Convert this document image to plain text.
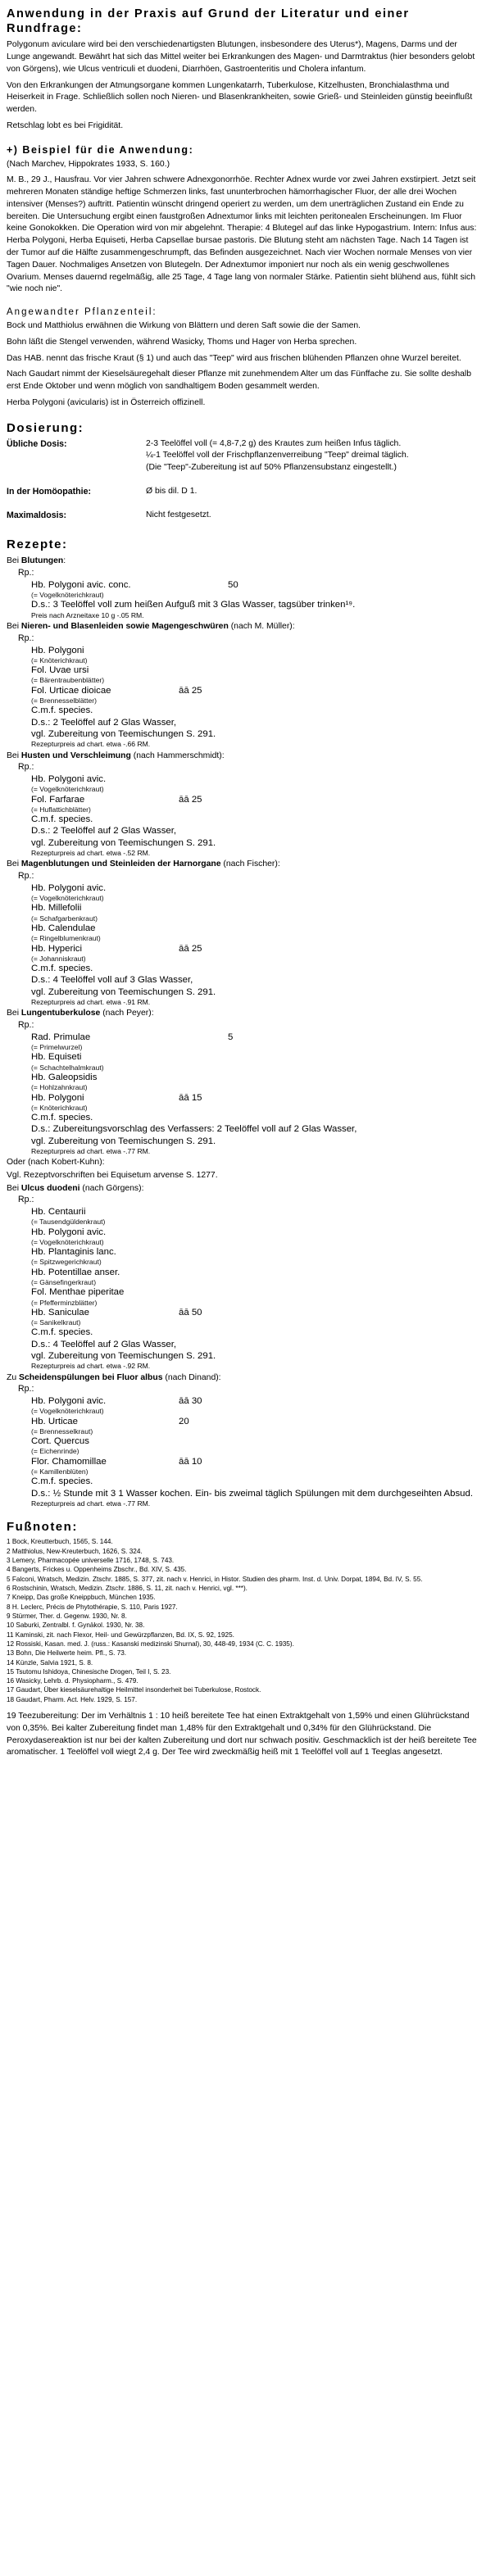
Anwendung in der Praxis auf Grund der Literatur und einer Rundfrage:

Polygonum aviculare wird bei den verschiedenartigsten Blutungen, insbesondere des Uterus*), Magens, Darms und der Lunge angewandt. Bewährt hat sich das Mittel weiter bei Erkrankungen des Magen- und Darmtraktus (hier besonders gelobt von Görgens), wie Ulcus ventriculi et duodeni, Diarrhöen, Gastroenteritis und Cholera infantum.

Von den Erkrankungen der Atmungsorgane kommen Lungenkatarrh, Tuberkulose, Kitzelhusten, Bronchialasthma und Heiserkeit in Frage. Schließlich sollen noch Nieren- und Blasenkrankheiten, sowie Grieß- und Steinleiden günstig beeinflußt werden.

Retschlag lobt es bei Frigidität.

+) Beispiel für die Anwendung:

(Nach Marchev, Hippokrates 1933, S. 160.)

M. B., 29 J., Hausfrau. Vor vier Jahren schwere Adnexgonorrhöe. Rechter Adnex wurde vor zwei Jahren exstirpiert. Jetzt seit mehreren Monaten ständige heftige Schmerzen links, fast ununterbrochen hämorrhagischer Fluor, der alle drei Wochen intensiver (Menses?) auftritt. Patientin wünscht dringend operiert zu werden, um dem unerträglichen Zustand ein Ende zu bereiten. Die Untersuchung ergibt einen faustgroßen Adnextumor links mit leichten peritonealen Erscheinungen. Im Fluor keine Gonokokken. Die Operation wird von mir abgelehnt. Therapie: 4 Blutegel auf das linke Hypogastrium. Intern: Infus aus: Herba Polygoni, Herba Equiseti, Herba Capsellae bursae pastoris. Die Blutung steht am nächsten Tage. Nach 14 Tagen ist der Tumor auf die Hälfte zusammengeschrumpft, das Befinden ausgezeichnet. Nach vier Wochen normale Menses von vier Tagen Dauer. Nochmaliges Ansetzen von Blutegeln. Der Adnextumor imponiert nur noch als ein wenig geschwollenes Ovarium. Menses dauernd regelmäßig, alle 25 Tage, 4 Tage lang von normaler Stärke. Patientin sieht blühend aus, fühlt sich "wie noch nie".

Angewandter Pflanzenteil:

Bock und Matthiolus erwähnen die Wirkung von Blättern und deren Saft sowie die der Samen.

Bohn läßt die Stengel verwenden, während Wasicky, Thoms und Hager von Herba sprechen.

Das HAB. nennt das frische Kraut (§ 1) und auch das "Teep" wird aus frischen blühenden Pflanzen ohne Wurzel bereitet.

Nach Gaudart nimmt der Kieselsäuregehalt dieser Pflanze mit zunehmendem Alter um das Fünffache zu. Sie sollte deshalb erst Ende Oktober und wenn möglich von sandhaltigem Boden gesammelt werden.

Herba Polygoni (avicularis) ist in Österreich offizinell.

Dosierung:
Übliche Dosis:	2-3 Teelöffel voll (= 4,8-7,2 g) des Krautes zum heißen Infus täglich.
¼-1 Teelöffel voll der Frischpflanzenverreibung "Teep" dreimal täglich.
(Die "Teep"-Zubereitung ist auf 50% Pflanzensubstanz eingestellt.)
In der Homöopathie:	Ø bis dil. D 1.
Maximaldosis:	Nicht festgesetzt.
Rezepte:
Bei Blutungen:
Rp.:
Hb. Polygoni avic. conc.	50
(= Vogelknöterichkraut)
D.s.: 3 Teelöffel voll zum heißen Aufguß mit 3 Glas Wasser, tagsüber trinken¹⁹.
Preis nach Arzneitaxe 10 g -.05 RM.
Bei Nieren- und Blasenleiden sowie Magengeschwüren (nach M. Müller):
Rp.:
Hb. Polygoni
(= Knöterichkraut)
Fol. Uvae ursi
(= Bärentraubenblätter)
Fol. Urticae dioicae	āā 25
(= Brennesselblätter)
C.m.f. species.
D.s.: 2 Teelöffel auf 2 Glas Wasser,
vgl. Zubereitung von Teemischungen S. 291.
Rezepturpreis ad chart. etwa -.66 RM.
Bei Husten und Verschleimung (nach Hammerschmidt):
Rp.:
Hb. Polygoni avic.
(= Vogelknöterichkraut)
Fol. Farfarae	āā 25
(= Huflattichblätter)
C.m.f. species.
D.s.: 2 Teelöffel auf 2 Glas Wasser,
vgl. Zubereitung von Teemischungen S. 291.
Rezepturpreis ad chart. etwa -.52 RM.
Bei Magenblutungen und Steinleiden der Harnorgane (nach Fischer):
Rp.:
Hb. Polygoni avic.
(= Vogelknöterichkraut)
Hb. Millefolii
(= Schafgarbenkraut)
Hb. Calendulae
(= Ringelblumenkraut)
Hb. Hyperici	āā 25
(= Johanniskraut)
C.m.f. species.
D.s.: 4 Teelöffel voll auf 3 Glas Wasser,
vgl. Zubereitung von Teemischungen S. 291.
Rezepturpreis ad chart. etwa -.91 RM.
Bei Lungentuberkulose (nach Peyer):
Rp.:
Rad. Primulae	5
(= Primelwurzel)
Hb. Equiseti
(= Schachtelhalmkraut)
Hb. Galeopsidis
(= Hohlzahnkraut)
Hb. Polygoni	āā 15
(= Knöterichkraut)
C.m.f. species.
D.s.: Zubereitungsvorschlag des Verfassers: 2 Teelöffel voll auf 2 Glas Wasser,
vgl. Zubereitung von Teemischungen S. 291.
Rezepturpreis ad chart. etwa -.77 RM.
Oder (nach Kobert-Kuhn):
Vgl. Rezeptvorschriften bei Equisetum arvense S. 1277.
Bei Ulcus duodeni (nach Görgens):
Rp.:
Hb. Centaurii
(= Tausendgüldenkraut)
Hb. Polygoni avic.
(= Vogelknöterichkraut)
Hb. Plantaginis lanc.
(= Spitzwegerichkraut)
Hb. Potentillae anser.
(= Gänsefingerkraut)
Fol. Menthae piperitae
(= Pfefferminzblätter)
Hb. Saniculae	āā 50
(= Sanikelkraut)
C.m.f. species.
D.s.: 4 Teelöffel auf 2 Glas Wasser,
vgl. Zubereitung von Teemischungen S. 291.
Rezepturpreis ad chart. etwa -.92 RM.
Zu Scheidenspülungen bei Fluor albus (nach Dinand):
Rp.:
Hb. Polygoni avic.	āā 30
(= Vogelknöterichkraut)
Hb. Urticae	20
(= Brennesselkraut)
Cort. Quercus
(= Eichenrinde)
Flor. Chamomillae	āā 10
(= Kamillenblüten)
C.m.f. species.
D.s.: ½ Stunde mit 3 1 Wasser kochen. Ein- bis zweimal täglich Spülungen mit dem durchgeseihten Absud.
Rezepturpreis ad chart. etwa -.77 RM.
Fußnoten:
1 Bock, Kreutterbuch, 1565, S. 144.
2 Matthiolus, New-Kreuterbuch, 1626, S. 324.
3 Lemery, Pharmacopée universelle 1716, 1748, S. 743.
4 Bangerts, Frickes u. Oppenheims Zbschr., Bd. XIV, S. 435.
5 Falconi, Wratsch, Medizin. Ztschr. 1885, S. 377, zit. nach v. Henrici, in Histor. Studien des pharm. Inst. d. Univ. Dorpat, 1894, Bd. IV, S. 55.
6 Rostschinin, Wratsch, Medizin. Ztschr. 1886, S. 11, zit. nach v. Henrici, vgl. ***).
7 Kneipp, Das große Kneippbuch, München 1935.
8 H. Leclerc, Précis de Phytothérapie, S. 110, Paris 1927.
9 Stürmer, Ther. d. Gegenw. 1930, Nr. 8.
10 Saburki, Zentralbl. f. Gynäkol. 1930, Nr. 38.
11 Kaminski, zit. nach Flexor, Heil- und Gewürzpflanzen, Bd. IX, S. 92, 1925.
12 Rossiski, Kasan. med. J. (russ.: Kasanski medizinski Shurnal), 30, 448-49, 1934 (C. C. 1935).
13 Bohn, Die Heilwerte heim. Pfl., S. 73.
14 Künzle, Salvia 1921, S. 8.
15 Tsutomu Ishidoya, Chinesische Drogen, Teil I, S. 23.
16 Wasicky, Lehrb. d. Physiopharm., S. 479.
17 Gaudart, Über kieselsäurehaltige Heilmittel insonderheit bei Tuberkulose, Rostock.
18 Gaudart, Pharm. Act. Helv. 1929, S. 157.

19 Teezubereitung: Der im Verhältnis 1 : 10 heiß bereitete Tee hat einen Extraktgehalt von 1,59% und einen Glührückstand von 0,35%. Bei kalter Zubereitung findet man 1,48% für den Extraktgehalt und 0,34% für den Glührückstand. Die Peroxydasereaktion ist nur bei der kalten Zubereitung und dort nur schwach positiv. Geschmacklich ist der heiß bereitete Tee aromatischer. 1 Teelöffel voll wiegt 2,4 g. Der Tee wird zweckmäßig heiß mit 1 Teelöffel voll auf 1 Teeglas angesetzt.
